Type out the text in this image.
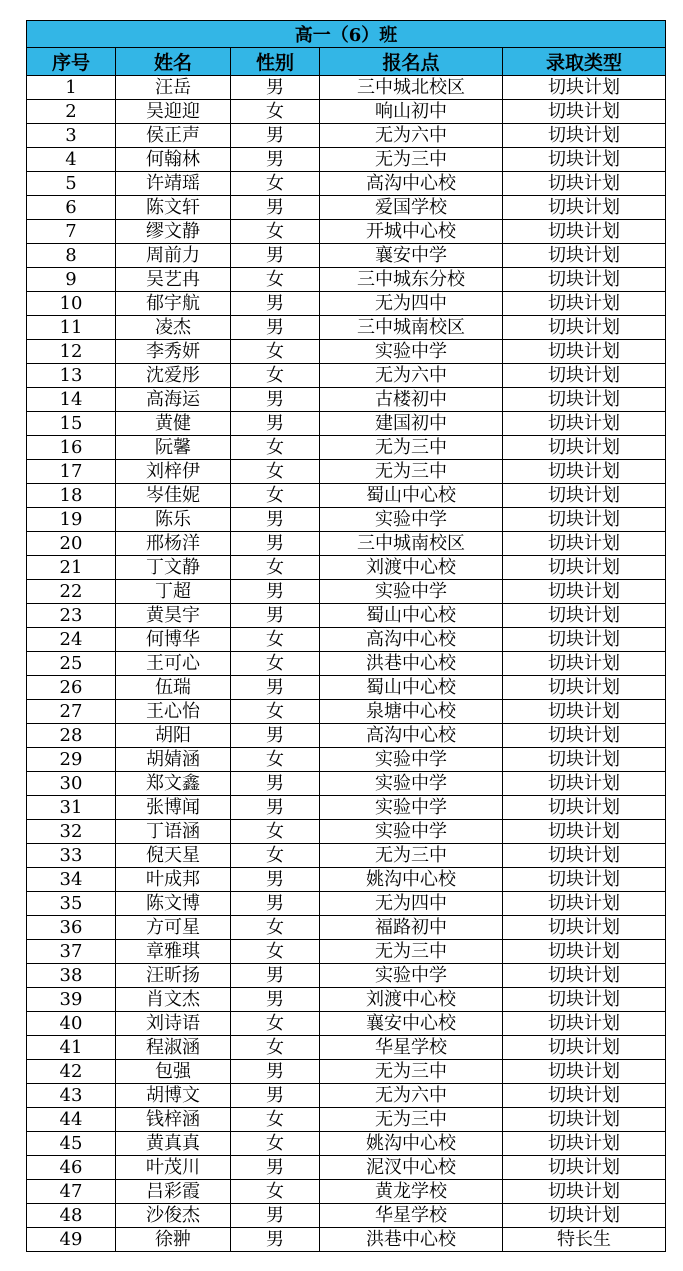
高一（6）班				
序号	姓名	性别	报名点	录取类型
1	汪岳	男	三中城北校区	切块计划
2	吴迎迎	女	响山初中	切块计划
3	侯正声	男	无为六中	切块计划
4	何翰林	男	无为三中	切块计划
5	许靖瑶	女	高沟中心校	切块计划
6	陈文轩	男	爱国学校	切块计划
7	缪文静	女	开城中心校	切块计划
8	周前力	男	襄安中学	切块计划
9	吴艺冉	女	三中城东分校	切块计划
10	郁宇航	男	无为四中	切块计划
11	凌杰	男	三中城南校区	切块计划
12	李秀妍	女	实验中学	切块计划
13	沈爱彤	女	无为六中	切块计划
14	高海运	男	古楼初中	切块计划
15	黄健	男	建国初中	切块计划
16	阮馨	女	无为三中	切块计划
17	刘梓伊	女	无为三中	切块计划
18	岑佳妮	女	蜀山中心校	切块计划
19	陈乐	男	实验中学	切块计划
20	邢杨洋	男	三中城南校区	切块计划
21	丁文静	女	刘渡中心校	切块计划
22	丁超	男	实验中学	切块计划
23	黄昊宇	男	蜀山中心校	切块计划
24	何博华	女	高沟中心校	切块计划
25	王可心	女	洪巷中心校	切块计划
26	伍瑞	男	蜀山中心校	切块计划
27	王心怡	女	泉塘中心校	切块计划
28	胡阳	男	高沟中心校	切块计划
29	胡婧涵	女	实验中学	切块计划
30	郑文鑫	男	实验中学	切块计划
31	张博闻	男	实验中学	切块计划
32	丁语涵	女	实验中学	切块计划
33	倪天星	女	无为三中	切块计划
34	叶成邦	男	姚沟中心校	切块计划
35	陈文博	男	无为四中	切块计划
36	方可星	女	福路初中	切块计划
37	章雅琪	女	无为三中	切块计划
38	汪昕扬	男	实验中学	切块计划
39	肖文杰	男	刘渡中心校	切块计划
40	刘诗语	女	襄安中心校	切块计划
41	程淑涵	女	华星学校	切块计划
42	包强	男	无为三中	切块计划
43	胡博文	男	无为六中	切块计划
44	钱梓涵	女	无为三中	切块计划
45	黄真真	女	姚沟中心校	切块计划
46	叶茂川	男	泥汊中心校	切块计划
47	吕彩霞	女	黄龙学校	切块计划
48	沙俊杰	男	华星学校	切块计划
49	徐翀	男	洪巷中心校	特长生
